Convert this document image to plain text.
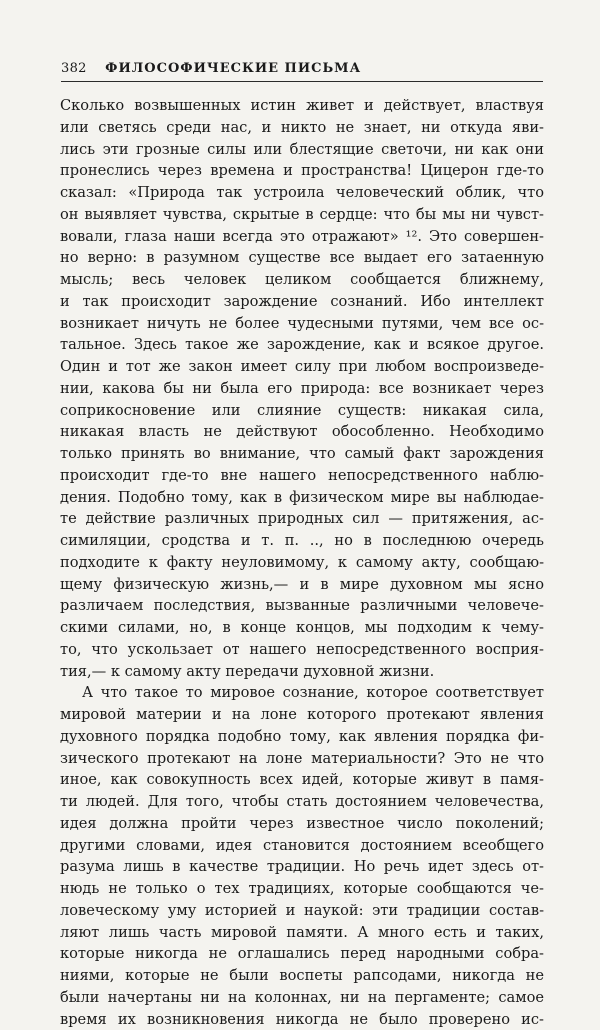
382 ФИЛОСОФИЧЕСКИЕ ПИСЬМА
Сколько возвышенных истин живет и действует, властвуя
или светясь среди нас, и никто не знает, ни откуда яви-
лись эти грозные силы или блестящие светочи, ни как они
пронеслись через времена и пространства! Цицерон где-то
сказал: «Природа так устроила человеческий облик, что
он выявляет чувства, скрытые в сердце: что бы мы ни чувст-
вовали, глаза наши всегда это отражают» ¹². Это совершен-
но верно: в разумном существе все выдает его затаенную
мысль; весь человек целиком сообщается ближнему,
и так происходит зарождение сознаний. Ибо интеллект
возникает ничуть не более чудесными путями, чем все ос-
тальное. Здесь такое же зарождение, как и всякое другое.
Один и тот же закон имеет силу при любом воспроизведе-
нии, какова бы ни была его природа: все возникает через
соприкосновение или слияние существ: никакая сила,
никакая власть не действуют обособленно. Необходимо
только принять во внимание, что самый факт зарождения
происходит где-то вне нашего непосредственного наблю-
дения. Подобно тому, как в физическом мире вы наблюдае-
те действие различных природных сил — притяжения, ас-
симиляции, сродства и т. п. .., но в последнюю очередь
подходите к факту неуловимому, к самому акту, сообщаю-
щему физическую жизнь,— и в мире духовном мы ясно
различаем последствия, вызванные различными человече-
скими силами, но, в конце концов, мы подходим к чему-
то, что ускользает от нашего непосредственного восприя-
тия,— к самому акту передачи духовной жизни.
А что такое то мировое сознание, которое соответствует
мировой материи и на лоне которого протекают явления
духовного порядка подобно тому, как явления порядка фи-
зического протекают на лоне материальности? Это не что
иное, как совокупность всех идей, которые живут в памя-
ти людей. Для того, чтобы стать достоянием человечества,
идея должна пройти через известное число поколений;
другими словами, идея становится достоянием всеобщего
разума лишь в качестве традиции. Но речь идет здесь от-
нюдь не только о тех традициях, которые сообщаются че-
ловеческому уму историей и наукой: эти традиции состав-
ляют лишь часть мировой памяти. А много есть и таких,
которые никогда не оглашались перед народными собра-
ниями, которые не были воспеты рапсодами, никогда не
были начертаны ни на колоннах, ни на пергаменте; самое
время их возникновения никогда не было проверено ис-
